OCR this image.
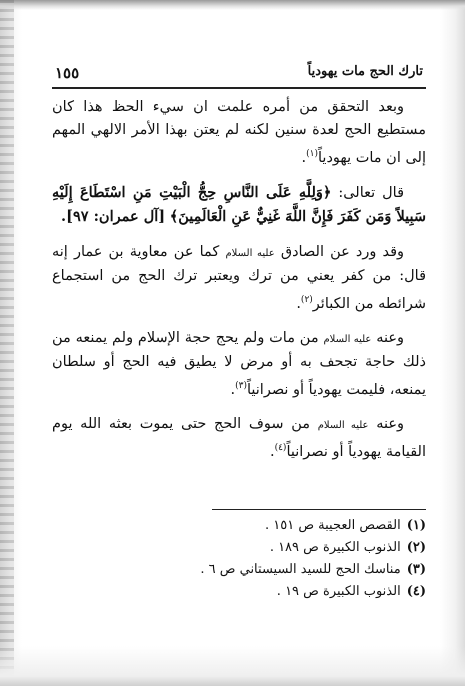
تارك الحج مات يهودياً
١٥٥

وبعد التحقق من أمره علمت ان سيء الحظ هذا كان مستطيع الحج لعدة سنين لكنه لم يعتن بهذا الأمر الالهي المهم إلى ان مات يهودياً$^{(١)}$.

قال تعالى: ﴿وَلِلَّهِ عَلَى النَّاسِ حِجُّ الْبَيْتِ مَنِ اسْتَطَاعَ إِلَيْهِ سَبِيلاً وَمَن كَفَرَ فَإِنَّ اللَّهَ غَنِيٌّ عَنِ الْعَالَمِينَ﴾ [آل عمران: ٩٧].

وقد ورد عن الصادق عليه السلام كما عن معاوية بن عمار إنه قال: من كفر يعني من ترك ويعتبر ترك الحج من استجماع شرائطه من الكبائر$^{(٢)}$.

وعنه عليه السلام من مات ولم يحج حجة الإسلام ولم يمنعه من ذلك حاجة تجحف به أو مرض لا يطيق فيه الحج أو سلطان يمنعه، فليمت يهودياً أو نصرانياً$^{(٣)}$.

وعنه عليه السلام من سوف الحج حتى يموت بعثه الله يوم القيامة يهودياً أو نصرانياً$^{(٤)}$.

(١)القصص العجيبة ص ١٥١ .
(٢)الذنوب الكبيرة ص ١٨٩ .
(٣)مناسك الحج للسيد السيستاني ص ٦ .
(٤)الذنوب الكبيرة ص ١٩ .
